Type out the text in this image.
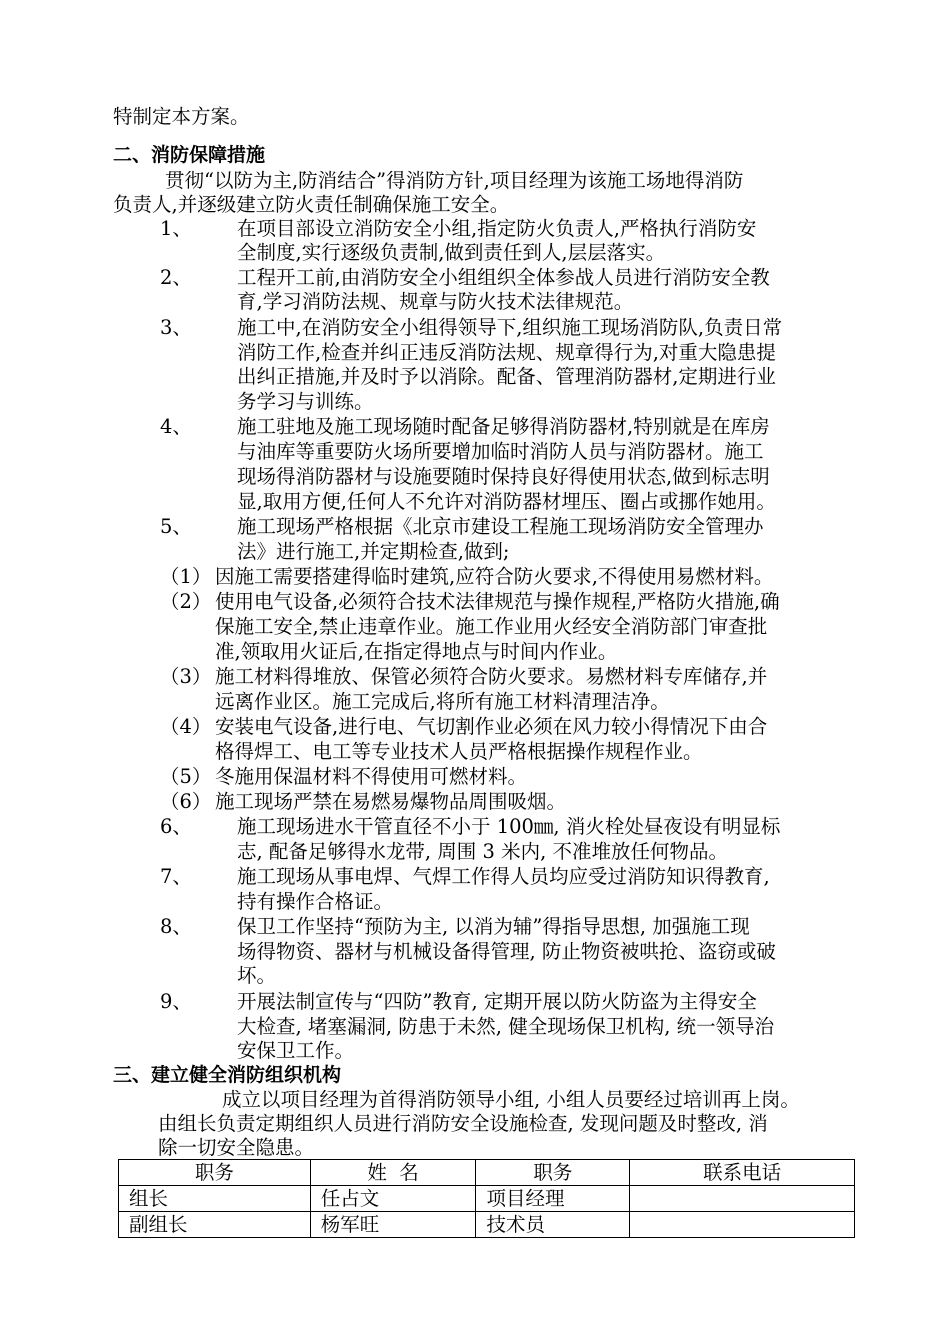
特制定本方案。
二、消防保障措施
贯彻“以防为主,防消结合”得消防方针,项目经理为该施工场地得消防
负责人,并逐级建立防火责任制确保施工安全。
1、 在项目部设立消防安全小组,指定防火负责人,严格执行消防安
全制度,实行逐级负责制,做到责任到人,层层落实。
2、 工程开工前,由消防安全小组组织全体参战人员进行消防安全教
育,学习消防法规、规章与防火技术法律规范。
3、 施工中,在消防安全小组得领导下,组织施工现场消防队,负责日常
消防工作,检查并纠正违反消防法规、规章得行为,对重大隐患提
出纠正措施,并及时予以消除。配备、管理消防器材,定期进行业
务学习与训练。
4、 施工驻地及施工现场随时配备足够得消防器材,特别就是在库房
与油库等重要防火场所要增加临时消防人员与消防器材。施工
现场得消防器材与设施要随时保持良好得使用状态,做到标志明
显,取用方便,任何人不允许对消防器材埋压、圈占或挪作她用。
5、 施工现场严格根据《北京市建设工程施工现场消防安全管理办
法》进行施工,并定期检查,做到;
（1） 因施工需要搭建得临时建筑,应符合防火要求,不得使用易燃材料。
（2） 使用电气设备,必须符合技术法律规范与操作规程,严格防火措施,确
保施工安全,禁止违章作业。施工作业用火经安全消防部门审查批
准,领取用火证后,在指定得地点与时间内作业。
（3） 施工材料得堆放、保管必须符合防火要求。易燃材料专库储存,并
远离作业区。施工完成后,将所有施工材料清理洁净。
（4） 安装电气设备,进行电、气切割作业必须在风力较小得情况下由合
格得焊工、电工等专业技术人员严格根据操作规程作业。
（5） 冬施用保温材料不得使用可燃材料。
（6） 施工现场严禁在易燃易爆物品周围吸烟。
6、 施工现场进水干管直径不小于 100㎜, 消火栓处昼夜设有明显标
志, 配备足够得水龙带, 周围 3 米内, 不准堆放任何物品。
7、 施工现场从事电焊、气焊工作得人员均应受过消防知识得教育,
持有操作合格证。
8、 保卫工作坚持“预防为主, 以消为辅”得指导思想, 加强施工现
场得物资、器材与机械设备得管理, 防止物资被哄抢、盗窃或破
坏。
9、 开展法制宣传与“四防”教育, 定期开展以防火防盗为主得安全
大检查, 堵塞漏洞, 防患于未然, 健全现场保卫机构, 统一领导治
安保卫工作。
三、建立健全消防组织机构
成立以项目经理为首得消防领导小组, 小组人员要经过培训再上岗。
由组长负责定期组织人员进行消防安全设施检查, 发现问题及时整改, 消
除一切安全隐患。
职务	姓  名	职务	联系电话
组长	任占文	项目经理	
副组长	杨军旺	技术员	
